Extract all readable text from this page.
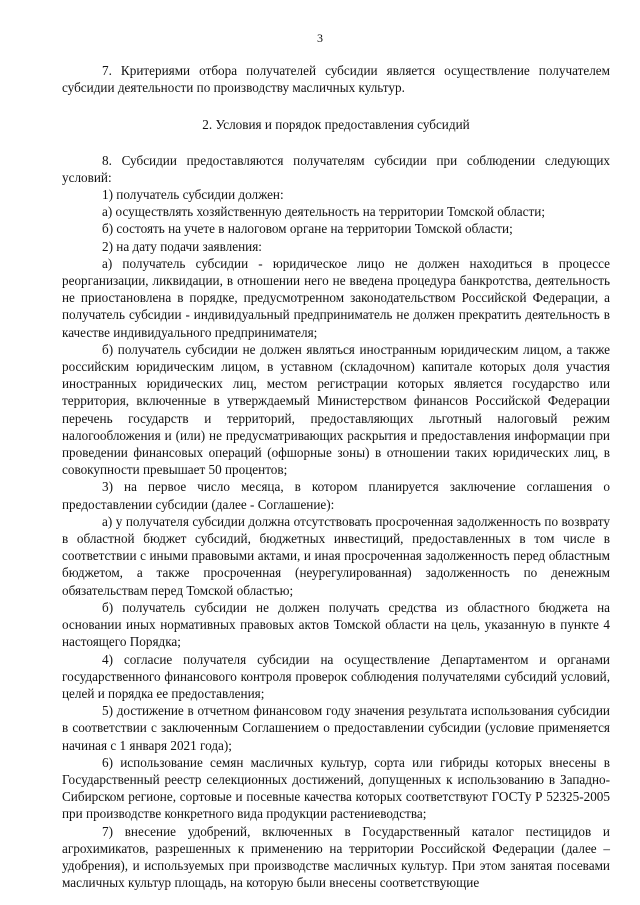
3

7. Критериями отбора получателей субсидии является осуществление получателем субсидии деятельности по производству масличных культур.

2. Условия и порядок предоставления субсидий

8. Субсидии предоставляются получателям субсидии при соблюдении следующих условий:

1) получатель субсидии должен:

а) осуществлять хозяйственную деятельность на территории Томской области;

б) состоять на учете в налоговом органе на территории Томской области;

2) на дату подачи заявления:

а) получатель субсидии - юридическое лицо не должен находиться в процессе реорганизации, ликвидации, в отношении него не введена процедура банкротства, деятельность не приостановлена в порядке, предусмотренном законодательством Российской Федерации, а получатель субсидии - индивидуальный предприниматель не должен прекратить деятельность в качестве индивидуального предпринимателя;

б) получатель субсидии не должен являться иностранным юридическим лицом, а также российским юридическим лицом, в уставном (складочном) капитале которых доля участия иностранных юридических лиц, местом регистрации которых является государство или территория, включенные в утверждаемый Министерством финансов Российской Федерации перечень государств и территорий, предоставляющих льготный налоговый режим налогообложения и (или) не предусматривающих раскрытия и предоставления информации при проведении финансовых операций (офшорные зоны) в отношении таких юридических лиц, в совокупности превышает 50 процентов;

3) на первое число месяца, в котором планируется заключение соглашения о предоставлении субсидии (далее - Соглашение):

а) у получателя субсидии должна отсутствовать просроченная задолженность по возврату в областной бюджет субсидий, бюджетных инвестиций, предоставленных в том числе в соответствии с иными правовыми актами, и иная просроченная задолженность перед областным бюджетом, а также просроченная (неурегулированная) задолженность по денежным обязательствам перед Томской областью;

б) получатель субсидии не должен получать средства из областного бюджета на основании иных нормативных правовых актов Томской области на цель, указанную в пункте 4 настоящего Порядка;

4) согласие получателя субсидии на осуществление Департаментом и органами государственного финансового контроля проверок соблюдения получателями субсидий условий, целей и порядка ее предоставления;

5) достижение в отчетном финансовом году значения результата использования субсидии в соответствии с заключенным Соглашением о предоставлении субсидии (условие применяется начиная с 1 января 2021 года);

6) использование семян масличных культур, сорта или гибриды которых внесены в Государственный реестр селекционных достижений, допущенных к использованию в Западно-Сибирском регионе, сортовые и посевные качества которых соответствуют ГОСТу Р 52325-2005 при производстве конкретного вида продукции растениеводства;

7) внесение удобрений, включенных в Государственный каталог пестицидов и агрохимикатов, разрешенных к применению на территории Российской Федерации (далее – удобрения), и используемых при производстве масличных культур. При этом занятая посевами масличных культур площадь, на которую были внесены соответствующие
